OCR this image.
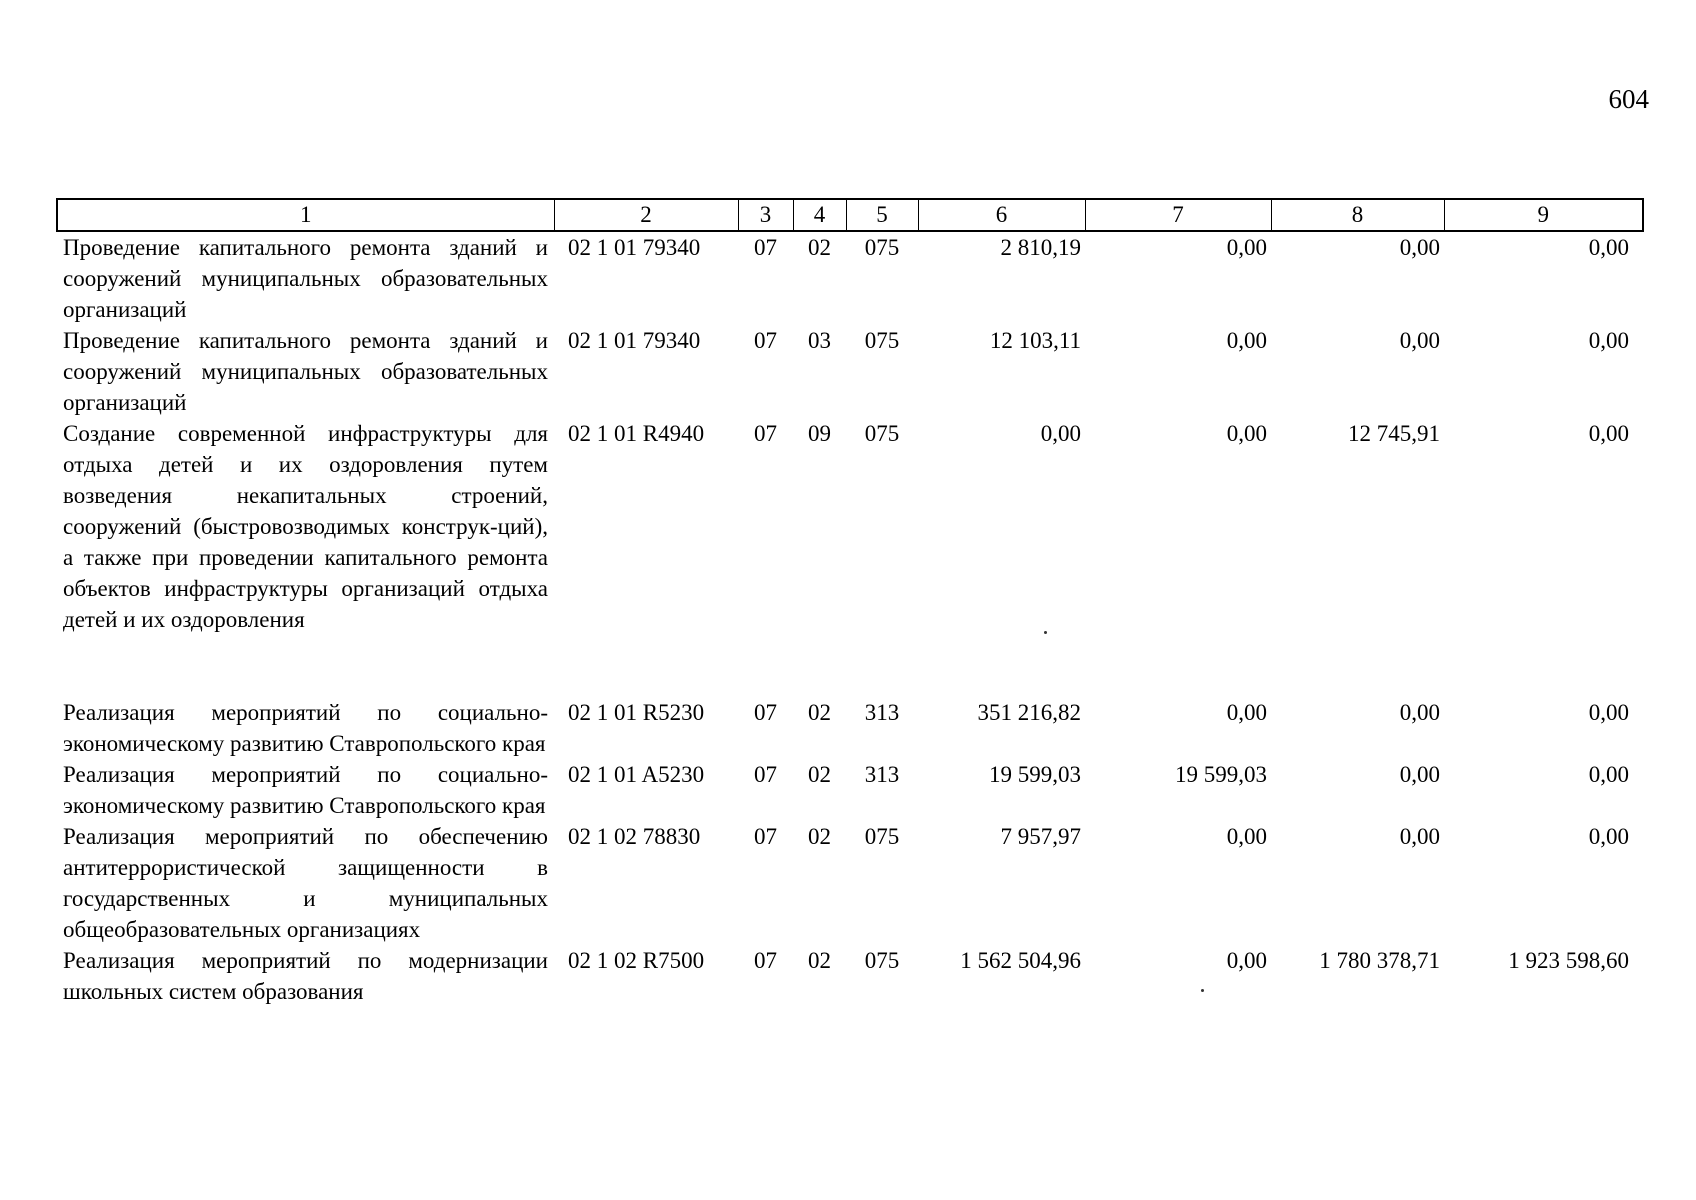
604
1	2	3	4	5	6	7	8	9
Проведение капитального ремонта зданий и сооружений муниципальных образовательных организаций	02 1 01 79340	07	02	075	2 810,19	0,00	0,00	0,00
Проведение капитального ремонта зданий и сооружений муниципальных образовательных организаций	02 1 01 79340	07	03	075	12 103,11	0,00	0,00	0,00
Создание современной инфраструктуры для отдыха детей и их оздоровления путем возведения некапитальных строений, сооружений (быстровозводимых конструк-ций), а также при проведении капитального ремонта объектов инфраструктуры организаций отдыха детей и их оздоровления	02 1 01 R4940	07	09	075	0,00	0,00	12 745,91	0,00

Реализация мероприятий по социально-экономическому развитию Ставропольского края	02 1 01 R5230	07	02	313	351 216,82	0,00	0,00	0,00
Реализация мероприятий по социально-экономическому развитию Ставропольского края	02 1 01 A5230	07	02	313	19 599,03	19 599,03	0,00	0,00
Реализация мероприятий по обеспечению антитеррористической защищенности в государственных и муниципальных общеобразовательных организациях	02 1 02 78830	07	02	075	7 957,97	0,00	0,00	0,00
Реализация мероприятий по модернизации школьных систем образования	02 1 02 R7500	07	02	075	1 562 504,96	0,00	1 780 378,71	1 923 598,60
